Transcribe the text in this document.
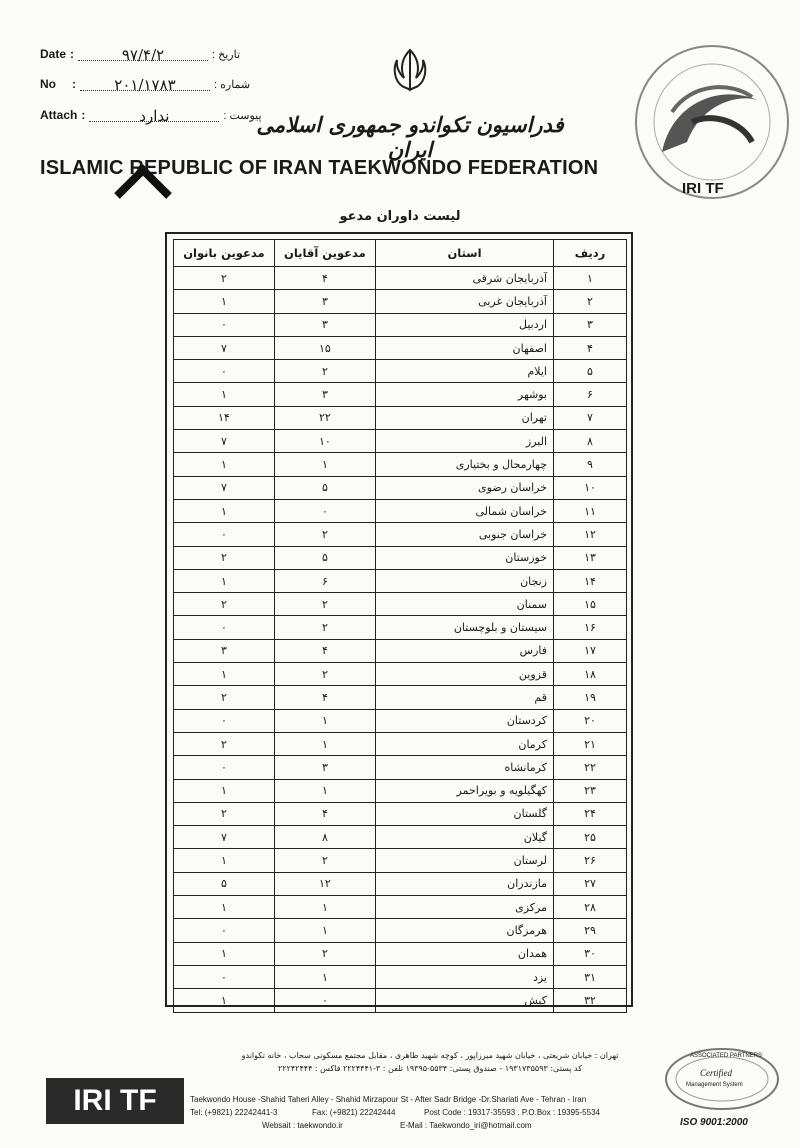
Date :	۹۷/۴/۲	تاریخ :
No :	۲۰۱/۱۷۸۳	شماره :
Attach :	ندارد	پیوست :
فدراسیون تکواندو جمهوری اسلامی ایران
ISLAMIC REPUBLIC OF IRAN TAEKWONDO FEDERATION
IRI TF
لیست داوران مدعو
ردیف	استان	مدعوین آقایان	مدعوین بانوان
۱	آذربایجان شرقی	۴	۲
۲	آذربایجان غربی	۳	۱
۳	اردبیل	۳	۰
۴	اصفهان	۱۵	۷
۵	ایلام	۲	۰
۶	بوشهر	۳	۱
۷	تهران	۲۲	۱۴
۸	البرز	۱۰	۷
۹	چهارمحال و بختیاری	۱	۱
۱۰	خراسان رضوی	۵	۷
۱۱	خراسان شمالی	۰	۱
۱۲	خراسان جنوبی	۲	۰
۱۳	خوزستان	۵	۲
۱۴	زنجان	۶	۱
۱۵	سمنان	۲	۲
۱۶	سیستان و بلوچستان	۲	۰
۱۷	فارس	۴	۳
۱۸	قزوین	۲	۱
۱۹	قم	۴	۲
۲۰	کردستان	۱	۰
۲۱	کرمان	۱	۲
۲۲	کرمانشاه	۳	۰
۲۳	کهگیلویه و بویراحمر	۱	۱
۲۴	گلستان	۴	۲
۲۵	گیلان	۸	۷
۲۶	لرستان	۲	۱
۲۷	مازندران	۱۲	۵
۲۸	مرکزی	۱	۱
۲۹	هرمزگان	۱	۰
۳۰	همدان	۲	۱
۳۱	یزد	۱	۰
۳۲	کیش	۰	۱
IRI TF
تهران : خیابان شریعتی ، خیابان شهید میرزاپور ، کوچه شهید طاهری ، مقابل مجتمع مسکونی سحاب ، خانه تکواندو
کد پستی: ۱۹۳۱۷۳۵۵۹۳ - صندوق پستی: ۵۵۳۴-۱۹۳۹۵ تلفن : ۳-۲۲۲۴۴۴۱ فاکس : ۲۲۲۴۲۴۴۴
Taekwondo House -Shahid Taheri Alley - Shahid Mirzapour St - After Sadr Bridge -Dr.Shariati Ave - Tehran - Iran
Tel: (+9821) 22242441-3	Fax: (+9821) 22242444	Post Code : 19317-35593 . P.O.Box : 19395-5534
Websait : taekwondo.ir	E-Mail : Taekwondo_iri@hotmail.com
ASSOCIATED PARTNERS
Certified
Management System
ISO 9001:2000
